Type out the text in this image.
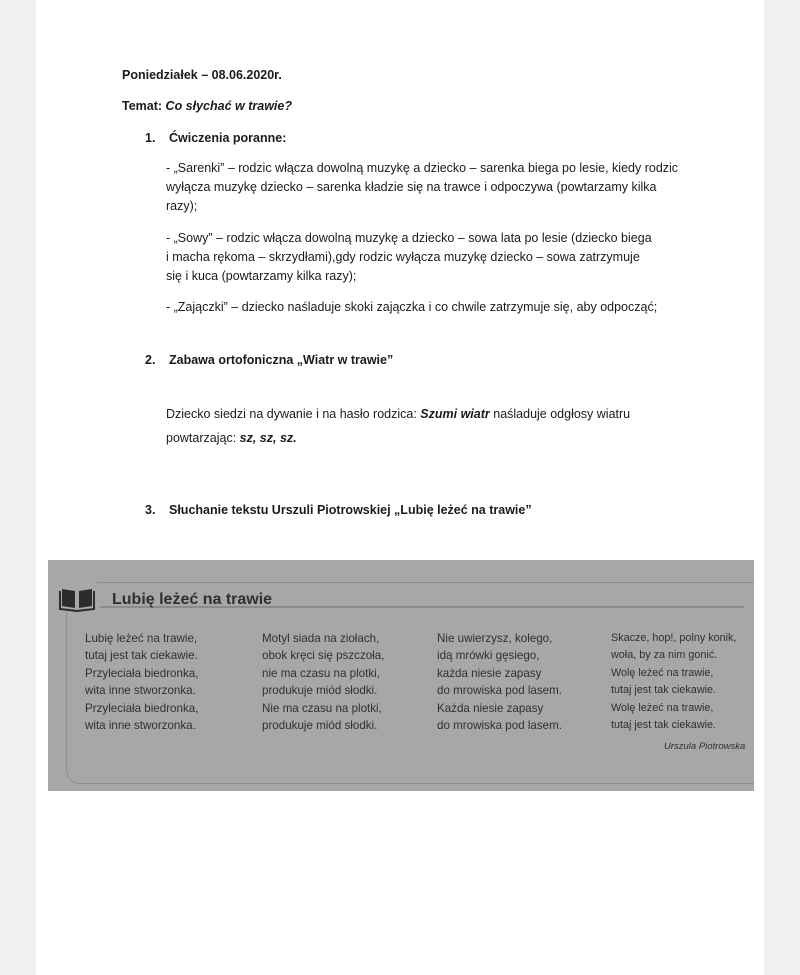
Poniedziałek – 08.06.2020r.
Temat: Co słychać w trawie?
1. Ćwiczenia poranne:
- „Sarenki” – rodzic włącza dowolną muzykę a dziecko – sarenka biega po lesie, kiedy rodzic
wyłącza muzykę dziecko – sarenka kładzie się na trawce i odpoczywa (powtarzamy kilka
razy);
- „Sowy” – rodzic włącza dowolną muzykę a dziecko – sowa lata po lesie (dziecko biega
i macha rękoma – skrzydłami),gdy rodzic wyłącza muzykę dziecko – sowa zatrzymuje
się i kuca (powtarzamy kilka razy);
- „Zajączki” – dziecko naśladuje skoki zajączka i co chwile zatrzymuje się, aby odpocząć;
2. Zabawa ortofoniczna „Wiatr w trawie”
Dziecko siedzi na dywanie i na hasło rodzica: Szumi wiatr naśladuje odgłosy wiatru
powtarzając: sz, sz, sz.
3. Słuchanie tekstu Urszuli Piotrowskiej „Lubię leżeć na trawie”
Lubię leżeć na trawie
Lubię leżeć na trawie,
tutaj jest tak ciekawie.
Przyleciała biedronka,
wita inne stworzonka.
Przyleciała biedronka,
wita inne stworzonka.
Motyl siada na ziołach,
obok kręci się pszczoła,
nie ma czasu na plotki,
produkuje miód słodki.
Nie ma czasu na plotki,
produkuje miód słodki.
Nie uwierzysz, kolego,
idą mrówki gęsiego,
każda niesie zapasy
do mrowiska pod lasem.
Każda niesie zapasy
do mrowiska pod lasem.
Skacze, hop!, polny konik,
woła, by za nim gonić.
Wolę leżeć na trawie,
tutaj jest tak ciekawie.
Wolę leżeć na trawie,
tutaj jest tak ciekawie.
Urszula Piotrowska
